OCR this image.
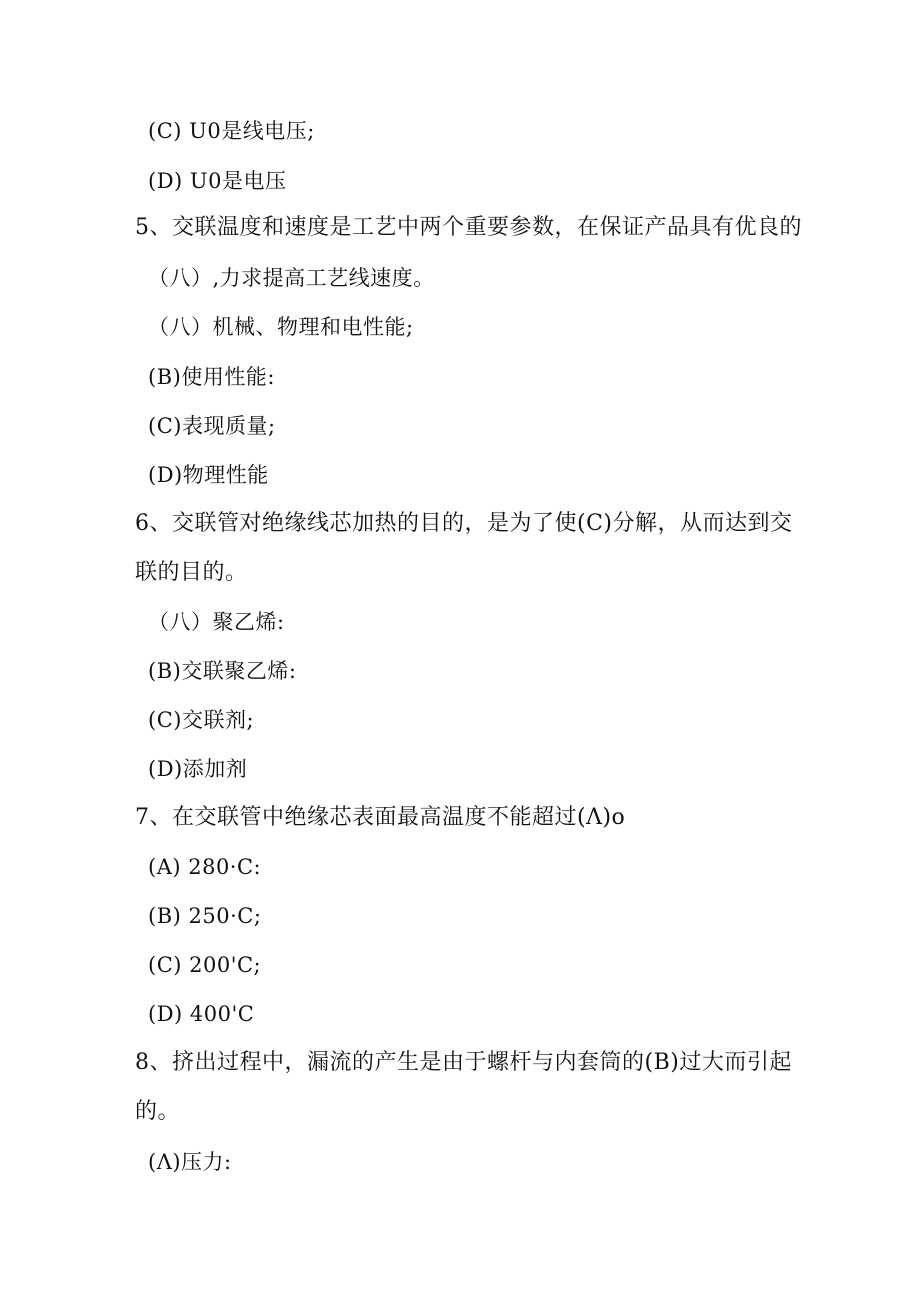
(C) U0是线电压;
(D) U0是电压
5、交联温度和速度是工艺中两个重要参数，在保证产品具有优良的
（八）,力求提高工艺线速度。
（八）机械、物理和电性能;
(B)使用性能:
(C)表现质量;
(D)物理性能
6、交联管对绝缘线芯加热的目的，是为了使(C)分解，从而达到交
联的目的。
（八）聚乙烯:
(B)交联聚乙烯:
(C)交联剂;
(D)添加剂
7、在交联管中绝缘芯表面最高温度不能超过(Λ)o
(A) 280·C:
(B) 250·C;
(C) 200'C;
(D) 400'C
8、挤出过程中，漏流的产生是由于螺杆与内套筒的(B)过大而引起
的。
(Λ)压力:
